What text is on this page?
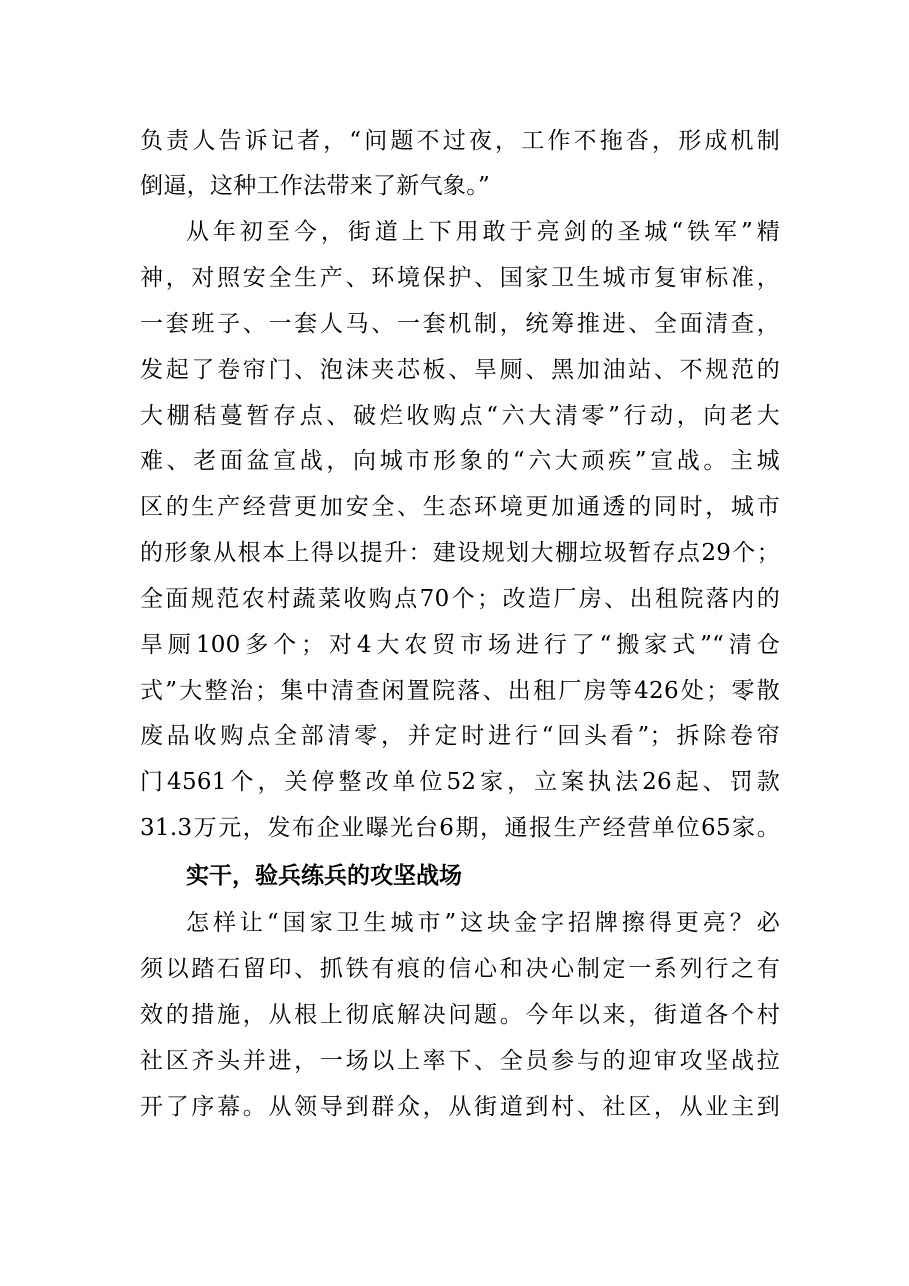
负责人告诉记者，“问题不过夜，工作不拖沓，形成机制
倒逼，这种工作法带来了新气象。”
从年初至今，街道上下用敢于亮剑的圣城“铁军”精
神，对照安全生产、环境保护、国家卫生城市复审标准，
一套班子、一套人马、一套机制，统筹推进、全面清查，
发起了卷帘门、泡沫夹芯板、旱厕、黑加油站、不规范的
大棚秸蔓暂存点、破烂收购点“六大清零”行动，向老大
难、老面盆宣战，向城市形象的“六大顽疾”宣战。主城
区的生产经营更加安全、生态环境更加通透的同时，城市
的形象从根本上得以提升：建设规划大棚垃圾暂存点29个；
全面规范农村蔬菜收购点70个；改造厂房、出租院落内的
旱厕100多个；对4大农贸市场进行了“搬家式”“清仓
式”大整治；集中清查闲置院落、出租厂房等426处；零散
废品收购点全部清零，并定时进行“回头看”；拆除卷帘
门4561个，关停整改单位52家，立案执法26起、罚款
31.3万元，发布企业曝光台6期，通报生产经营单位65家。
实干，验兵练兵的攻坚战场
怎样让“国家卫生城市”这块金字招牌擦得更亮？必
须以踏石留印、抓铁有痕的信心和决心制定一系列行之有
效的措施，从根上彻底解决问题。今年以来，街道各个村
社区齐头并进，一场以上率下、全员参与的迎审攻坚战拉
开了序幕。从领导到群众，从街道到村、社区，从业主到
